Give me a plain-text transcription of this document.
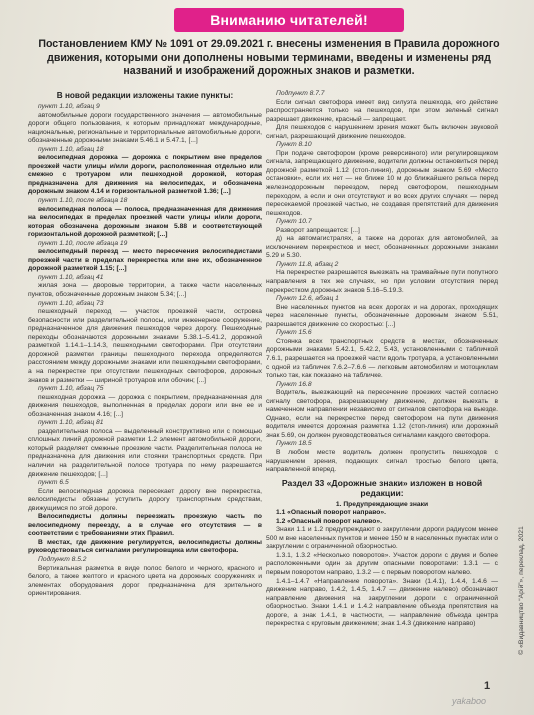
Вниманию читателей!
Постановлением КМУ № 1091 от 29.09.2021 г. внесены изменения в Правила дорожного движения, которыми они дополнены новыми терминами, введены и изменены ряд названий и изображений дорожных знаков и разметки.

В новой редакции изложены такие пункты:

пункт 1.10, абзац 9

автомобильные дороги государственного значения — автомобильные дороги общего пользования, к которым принадлежат международные, национальные, региональные и территориальные автомобильные дороги, обозначенные дорожными знаками 5.46.1 и 5.47.1, [...]

пункт 1.10, абзац 18

велосипедная дорожка — дорожка с покрытием вне пределов проезжей части улицы и/или дороги, расположенная отдельно или смежно с тротуаром или пешеходной дорожкой, которая предназначена для движения на велосипедах, и обозначена дорожным знаком 4.14 и горизонтальной разметкой 1.36; [...]

пункт 1.10, после абзаца 18

велосипедная полоса — полоса, предназначенная для движения на велосипедах в пределах проезжей части улицы и/или дороги, которая обозначена дорожным знаком 5.88 и соответствующей горизонтальной дорожной разметкой; [...]

пункт 1.10, после абзаца 19

велосипедный переезд — место пересечения велосипедистами проезжей части в пределах перекрестка или вне их, обозначенное дорожной разметкой 1.15; [...]

пункт 1.10, абзац 41

жилая зона — дворовые территории, а также части населенных пунктов, обозначенные дорожным знаком 5.34; [...]

пункт 1.10, абзац 73

пешеходный переход — участок проезжей части, островка безопасности или разделительной полосы, или инженерное сооружение, предназначенное для движения пешеходов через дорогу. Пешеходные переходы обозначаются дорожными знаками 5.38.1–5.41.2, дорожной разметкой 1.14.1–1.14.3, пешеходными светофорами. При отсутствии дорожной разметки границы пешеходного перехода определяются расстоянием между дорожными знаками или пешеходными светофорами, а на перекрестке при отсутствии пешеходных светофоров, дорожных знаков и разметки — шириной тротуаров или обочин; [...]

пункт 1.10, абзац 75

пешеходная дорожка — дорожка с покрытием, предназначенная для движения пешеходов, выполненная в пределах дороги или вне ее и обозначенная знаком 4.16; [...]

пункт 1.10, абзац 81

разделительная полоса — выделенный конструктивно или с помощью сплошных линий дорожной разметки 1.2 элемент автомобильной дороги, который разделяет смежные проезжие части. Разделительная полоса не предназначена для движения или стоянки транспортных средств. При наличии на разделительной полосе тротуара по нему разрешается движение пешеходов; [...]

пункт 6.5

Если велосипедная дорожка пересекает дорогу вне перекрестка, велосипедисты обязаны уступить дорогу транспортным средствам, движущимся по этой дороге.

Велосипедисты должны переезжать проезжую часть по велосипедному переезду, а в случае его отсутствия — в соответствии с требованиями этих Правил.

В местах, где движение регулируется, велосипедисты должны руководствоваться сигналами регулировщика или светофора.

Подпункт 8.5.2

Вертикальная разметка в виде полос белого и черного, красного и белого, а также желтого и красного цвета на дорожных сооружениях и элементах оборудования дорог предназначена для зрительного ориентирования.

Подпункт 8.7.7

Если сигнал светофора имеет вид силуэта пешехода, его действие распространяется только на пешеходов, при этом зеленый сигнал разрешает движение, красный — запрещает.

Для пешеходов с нарушением зрения может быть включен звуковой сигнал, разрешающий движение пешеходов.

Пункт 8.10

При подаче светофором (кроме реверсивного) или регулировщиком сигнала, запрещающего движение, водители должны остановиться перед дорожной разметкой 1.12 (стоп-линия), дорожным знаком 5.69 «Место остановки», если их нет — не ближе 10 м до ближайшего рельса перед железнодорожным переездом, перед светофором, пешеходным переходом, а если и они отсутствуют и во всех других случаях — перед пересекаемой проезжей частью, не создавая препятствий для движения пешеходов.

Пункт 10.7

Разворот запрещается: [...]

д) на автомагистралях, а также на дорогах для автомобилей, за исключением перекрестков и мест, обозначенных дорожными знаками 5.29 и 5.30.

Пункт 11.8, абзац 2

На перекрестке разрешается выезжать на трамвайные пути попутного направления в тех же случаях, но при условии отсутствия перед перекрестком дорожных знаков 5.16–5.19.3.

Пункт 12.6, абзац 1

Вне населенных пунктов на всех дорогах и на дорогах, проходящих через населенные пункты, обозначенные дорожным знаком 5.51, разрешается движение со скоростью: [...]

Пункт 15.6

Стоянка всех транспортных средств в местах, обозначенных дорожными знаками 5.42.1, 5.42.2, 5.43, установленными с табличкой 7.6.1, разрешается на проезжей части вдоль тротуара, а установленными с одной из табличек 7.6.2–7.6.6 — легковым автомобилям и мотоциклам только так, как показано на табличке.

Пункт 16.8

Водитель, выезжающий на пересечение проезжих частей согласно сигналу светофора, разрешающему движение, должен выехать в намеченном направлении независимо от сигналов светофора на выезде. Однако, если на перекрестке перед светофором на пути движения водителя имеется дорожная разметка 1.12 (стоп-линия) или дорожный знак 5.69, он должен руководствоваться сигналами каждого светофора.

Пункт 18.5

В любом месте водитель должен пропустить пешеходов с нарушением зрения, подающих сигнал тростью белого цвета, направленной вперед.

Раздел 33 «Дорожные знаки» изложен в новой редакции:

1. Предупреждающие знаки

1.1 «Опасный поворот направо».

1.2 «Опасный поворот налево».

Знаки 1.1 и 1.2 предупреждают о закруглении дороги радиусом менее 500 м вне населенных пунктов и менее 150 м в населенных пунктах или о закруглении с ограниченной обзорностью.

1.3.1, 1.3.2 «Несколько поворотов». Участок дороги с двумя и более расположенными один за другим опасными поворотами: 1.3.1 — с первым поворотом направо, 1.3.2 — с первым поворотом налево.

1.4.1–1.4.7 «Направление поворота». Знаки (1.4.1), 1.4.4, 1.4.6 — движение направо, 1.4.2, 1.4.5, 1.4.7 — движение налево) обозначают направление движения на закруглении дороги с ограниченной обзорностью. Знаки 1.4.1 и 1.4.2 направление объезда препятствия на дороге, а знак 1.4.1, в частности, — направление объезда центра перекрестка с круговым движением; знак 1.4.3 (движение направо)	© «Видавництво “Арій”», переклад, 2021
1
yakaboo
